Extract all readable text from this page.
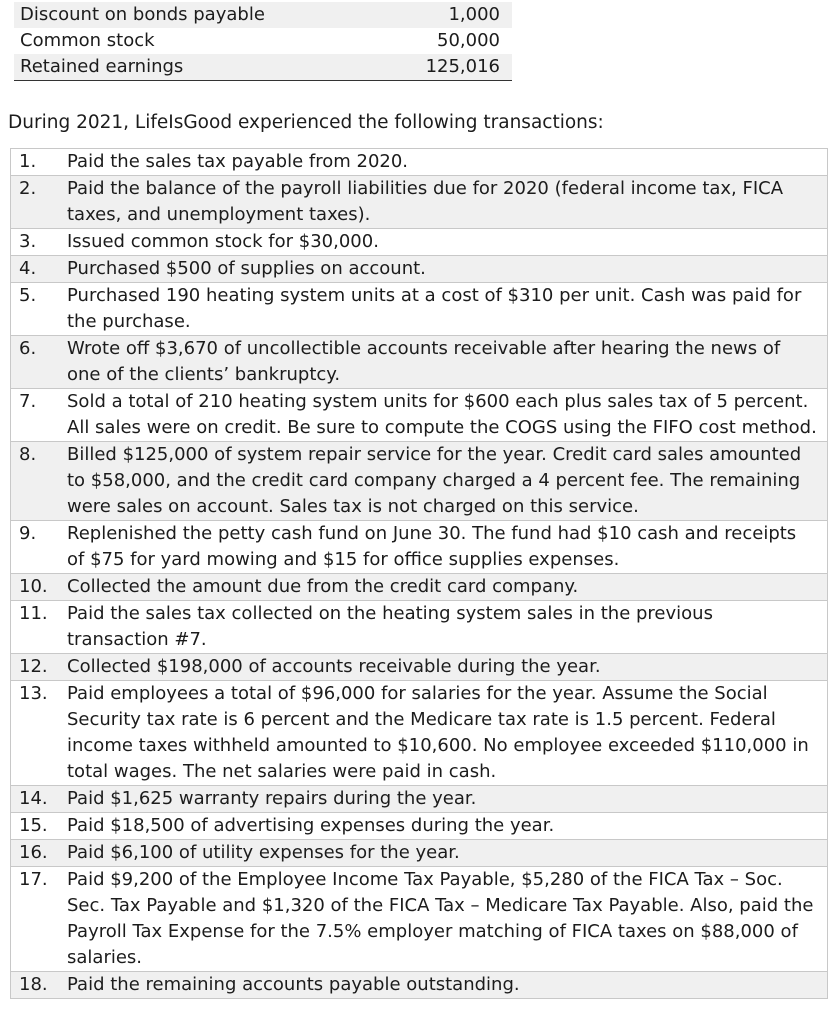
Discount on bonds payable	1,000
Common stock	50,000
Retained earnings	125,016
During 2021, LifeIsGood experienced the following transactions:
1.	Paid the sales tax payable from 2020.
2.	Paid the balance of the payroll liabilities due for 2020 (federal income tax, FICA taxes, and unemployment taxes).
3.	Issued common stock for $30,000.
4.	Purchased $500 of supplies on account.
5.	Purchased 190 heating system units at a cost of $310 per unit. Cash was paid for the purchase.
6.	Wrote off $3,670 of uncollectible accounts receivable after hearing the news of one of the clients’ bankruptcy.
7.	Sold a total of 210 heating system units for $600 each plus sales tax of 5 percent. All sales were on credit. Be sure to compute the COGS using the FIFO cost method.
8.	Billed $125,000 of system repair service for the year. Credit card sales amounted to $58,000, and the credit card company charged a 4 percent fee. The remaining were sales on account. Sales tax is not charged on this service.
9.	Replenished the petty cash fund on June 30. The fund had $10 cash and receipts of $75 for yard mowing and $15 for office supplies expenses.
10.	Collected the amount due from the credit card company.
11.	Paid the sales tax collected on the heating system sales in the previous transaction #7.
12.	Collected $198,000 of accounts receivable during the year.
13.	Paid employees a total of $96,000 for salaries for the year. Assume the Social Security tax rate is 6 percent and the Medicare tax rate is 1.5 percent. Federal income taxes withheld amounted to $10,600. No employee exceeded $110,000 in total wages. The net salaries were paid in cash.
14.	Paid $1,625 warranty repairs during the year.
15.	Paid $18,500 of advertising expenses during the year.
16.	Paid $6,100 of utility expenses for the year.
17.	Paid $9,200 of the Employee Income Tax Payable, $5,280 of the FICA Tax – Soc. Sec. Tax Payable and $1,320 of the FICA Tax – Medicare Tax Payable. Also, paid the Payroll Tax Expense for the 7.5% employer matching of FICA taxes on $88,000 of salaries.
18.	Paid the remaining accounts payable outstanding.
